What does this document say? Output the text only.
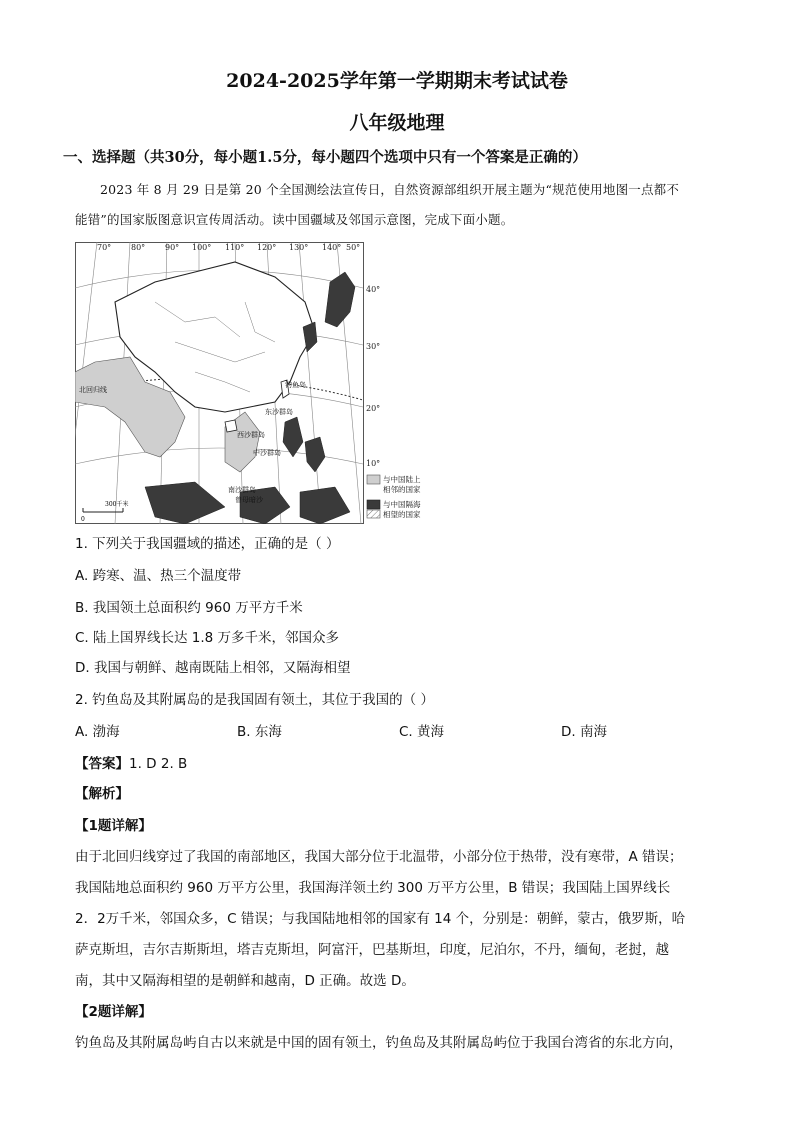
2024-2025学年第一学期期末考试试卷
八年级地理
一、选择题（共30分，每小题1.5分，每小题四个选项中只有一个答案是正确的）
2023 年 8 月 29 日是第 20 个全国测绘法宣传日，自然资源部组织开展主题为“规范使用地图一点都不
能错”的国家版图意识宣传周活动。读中国疆域及邻国示意图，完成下面小题。
70° 80° 90° 100° 110° 120° 130° 140° 50°
40°
30°
20°
10°
北回归线
钓鱼岛
东沙群岛
西沙群岛
中沙群岛
南沙群岛
曾母暗沙
0
300千米
与中国陆上
相邻的国家
与中国隔海
相望的国家
1. 下列关于我国疆域的描述，正确的是（ ）
A. 跨寒、温、热三个温度带
B. 我国领土总面积约 960 万平方千米
C. 陆上国界线长达 1.8 万多千米，邻国众多
D. 我国与朝鲜、越南既陆上相邻，又隔海相望
2. 钓鱼岛及其附属岛的是我国固有领土，其位于我国的（ ）
A. 渤海	B. 东海	C. 黄海	D. 南海
【答案】1. D 2. B
【解析】
【1题详解】
由于北回归线穿过了我国的南部地区，我国大部分位于北温带，小部分位于热带，没有寒带，A 错误；
我国陆地总面积约 960 万平方公里，我国海洋领土约 300 万平方公里，B 错误；我国陆上国界线长
2．2万千米，邻国众多，C 错误；与我国陆地相邻的国家有 14 个，分别是：朝鲜，蒙古，俄罗斯，哈
萨克斯坦，吉尔吉斯斯坦，塔吉克斯坦，阿富汗，巴基斯坦，印度，尼泊尔，不丹，缅甸，老挝，越
南，其中又隔海相望的是朝鲜和越南，D 正确。故选 D。
【2题详解】
钓鱼岛及其附属岛屿自古以来就是中国的固有领土，钓鱼岛及其附属岛屿位于我国台湾省的东北方向，
